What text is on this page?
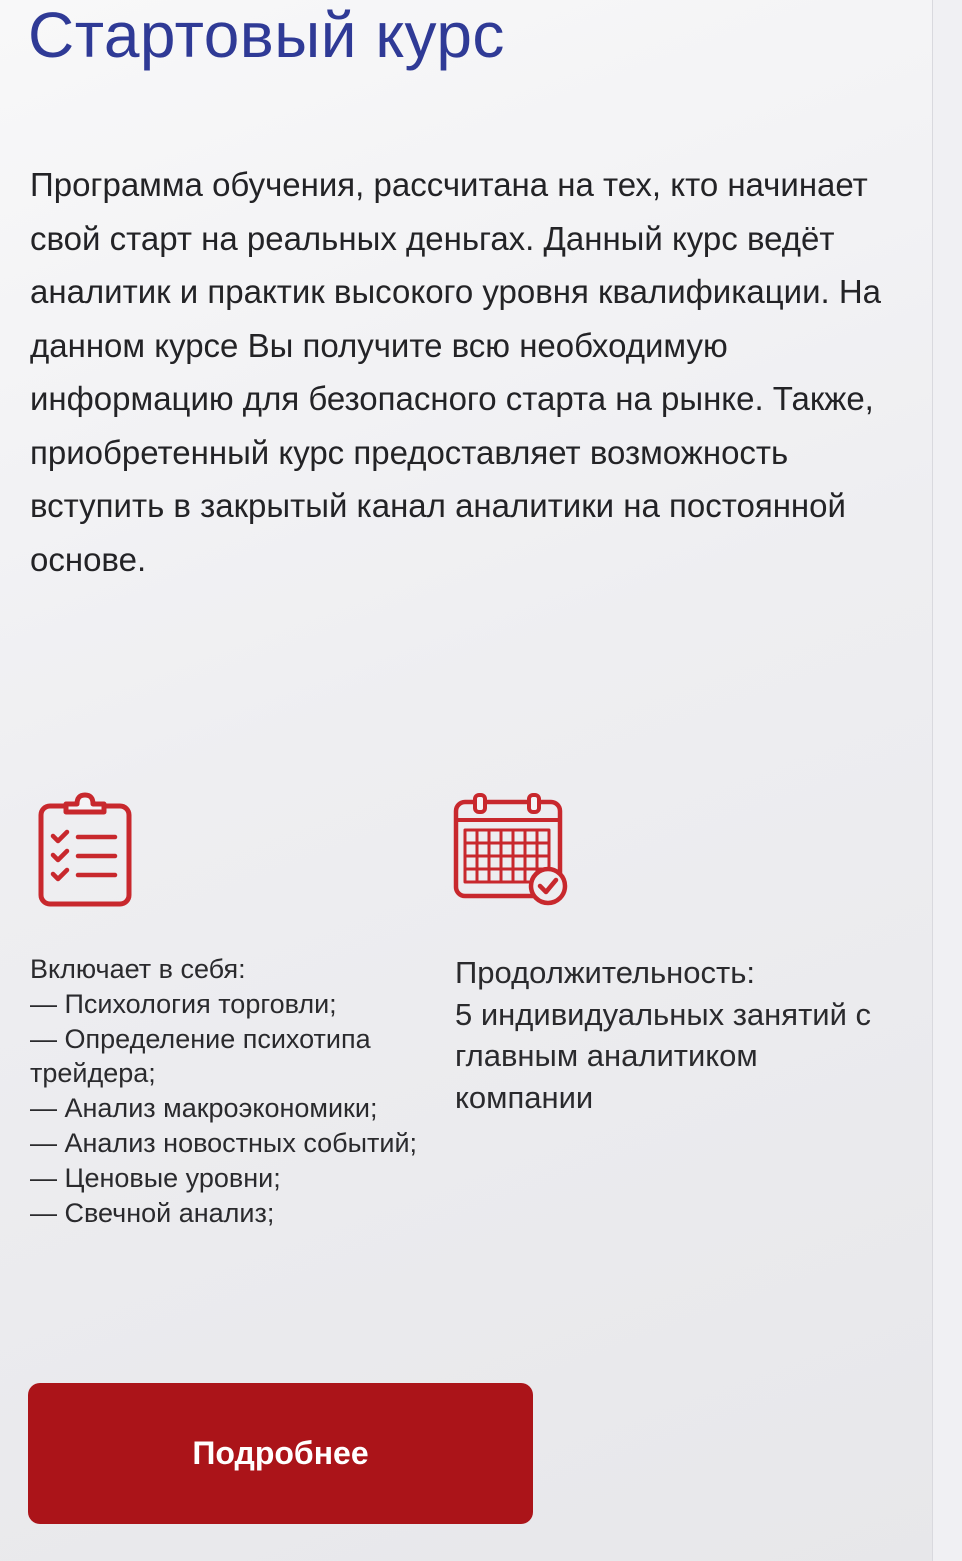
Стартовый курс

Программа обучения, рассчитана на тех, кто начинает свой старт на реальных деньгах. Данный курс ведёт аналитик и практик высокого уровня квалификации. На данном курсе Вы получите всю необходимую информацию для безопасного старта на рынке. Также, приобретенный курс предоставляет возможность вступить в закрытый канал аналитики на постоянной основе.

Включает в себя:
— Психология торговли;
— Определение психотипа трейдера;
— Анализ макроэкономики;
— Анализ новостных событий;
— Ценовые уровни;
— Свечной анализ;
Продолжительность:
5 индивидуальных занятий с главным аналитиком компании
Подробнее
